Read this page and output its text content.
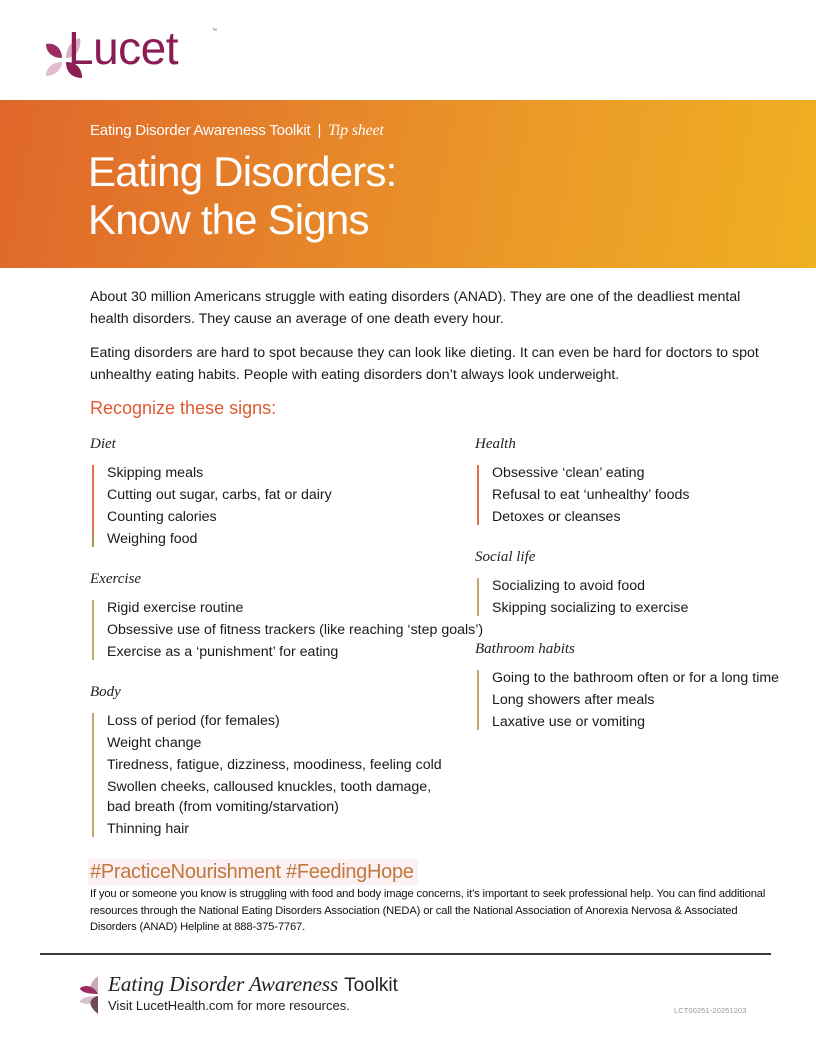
Lucet	™
Eating Disorder Awareness Toolkit | Tip sheet
Eating Disorders:
Know the Signs

About 30 million Americans struggle with eating disorders (ANAD). They are one of the deadliest mental health disorders. They cause an average of one death every hour.

Eating disorders are hard to spot because they can look like dieting. It can even be hard for doctors to spot unhealthy eating habits. People with eating disorders don’t always look underweight.

Recognize these signs:
Diet
Skipping meals
Cutting out sugar, carbs, fat or dairy
Counting calories
Weighing food
Exercise
Rigid exercise routine
Obsessive use of fitness trackers (like reaching ‘step goals’)
Exercise as a ‘punishment’ for eating
Body
Loss of period (for females)
Weight change
Tiredness, fatigue, dizziness, moodiness, feeling cold
Swollen cheeks, calloused knuckles, tooth damage, bad breath (from vomiting/starvation)
Thinning hair
Health
Obsessive ‘clean’ eating
Refusal to eat ‘unhealthy’ foods
Detoxes or cleanses
Social life
Socializing to avoid food
Skipping socializing to exercise
Bathroom habits
Going to the bathroom often or for a long time
Long showers after meals
Laxative use or vomiting
#PracticeNourishment #FeedingHope

If you or someone you know is struggling with food and body image concerns, it’s important to seek professional help. You can find additional resources through the National Eating Disorders Association (NEDA) or call the National Association of Anorexia Nervosa & Associated Disorders (ANAD) Helpline at 888-375-7767.

Eating Disorder Awareness Toolkit
Visit LucetHealth.com for more resources.	LCT00251-20251203
